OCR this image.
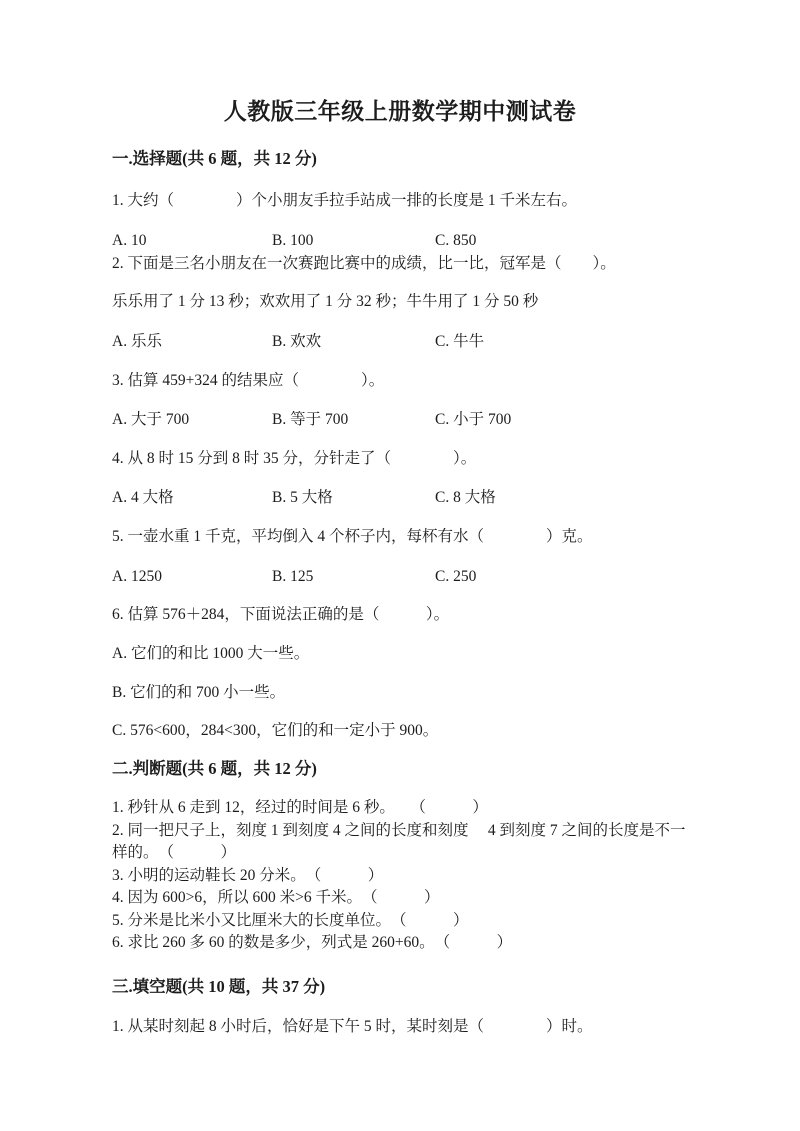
人教版三年级上册数学期中测试卷
一.选择题(共 6 题，共 12 分)

1. 大约（　　　　）个小朋友手拉手站成一排的长度是 1 千米左右。

A. 10	B. 100	C. 850

2. 下面是三名小朋友在一次赛跑比赛中的成绩，比一比，冠军是（　　）。

乐乐用了 1 分 13 秒；欢欢用了 1 分 32 秒；牛牛用了 1 分 50 秒

A. 乐乐	B. 欢欢	C. 牛牛

3. 估算 459+324 的结果应（　　　　）。

A. 大于 700	B. 等于 700	C. 小于 700

4. 从 8 时 15 分到 8 时 35 分，分针走了（　　　　）。

A. 4 大格	B. 5 大格	C. 8 大格

5. 一壶水重 1 千克，平均倒入 4 个杯子内，每杯有水（　　　　）克。

A. 1250	B. 125	C. 250

6. 估算 576＋284，下面说法正确的是（　　　）。

A. 它们的和比 1000 大一些。

B. 它们的和 700 小一些。

C. 576<600，284<300，它们的和一定小于 900。

二.判断题(共 6 题，共 12 分)
1. 秒针从 6 走到 12，经过的时间是 6 秒。　　（　　　）
2. 同一把尺子上，刻度 1 到刻度 4 之间的长度和刻度　 4 到刻度 7 之间的长度是不一样的。　（　　　）
3. 小明的运动鞋长 20 分米。　（　　　）
4. 因为 600>6，所以 600 米>6 千米。　（　　　）
5. 分米是比米小又比厘米大的长度单位。　（　　　）
6. 求比 260 多 60 的数是多少，列式是 260+60。　（　　　）
三.填空题(共 10 题，共 37 分)

1. 从某时刻起 8 小时后，恰好是下午 5 时，某时刻是（　　　　）时。
